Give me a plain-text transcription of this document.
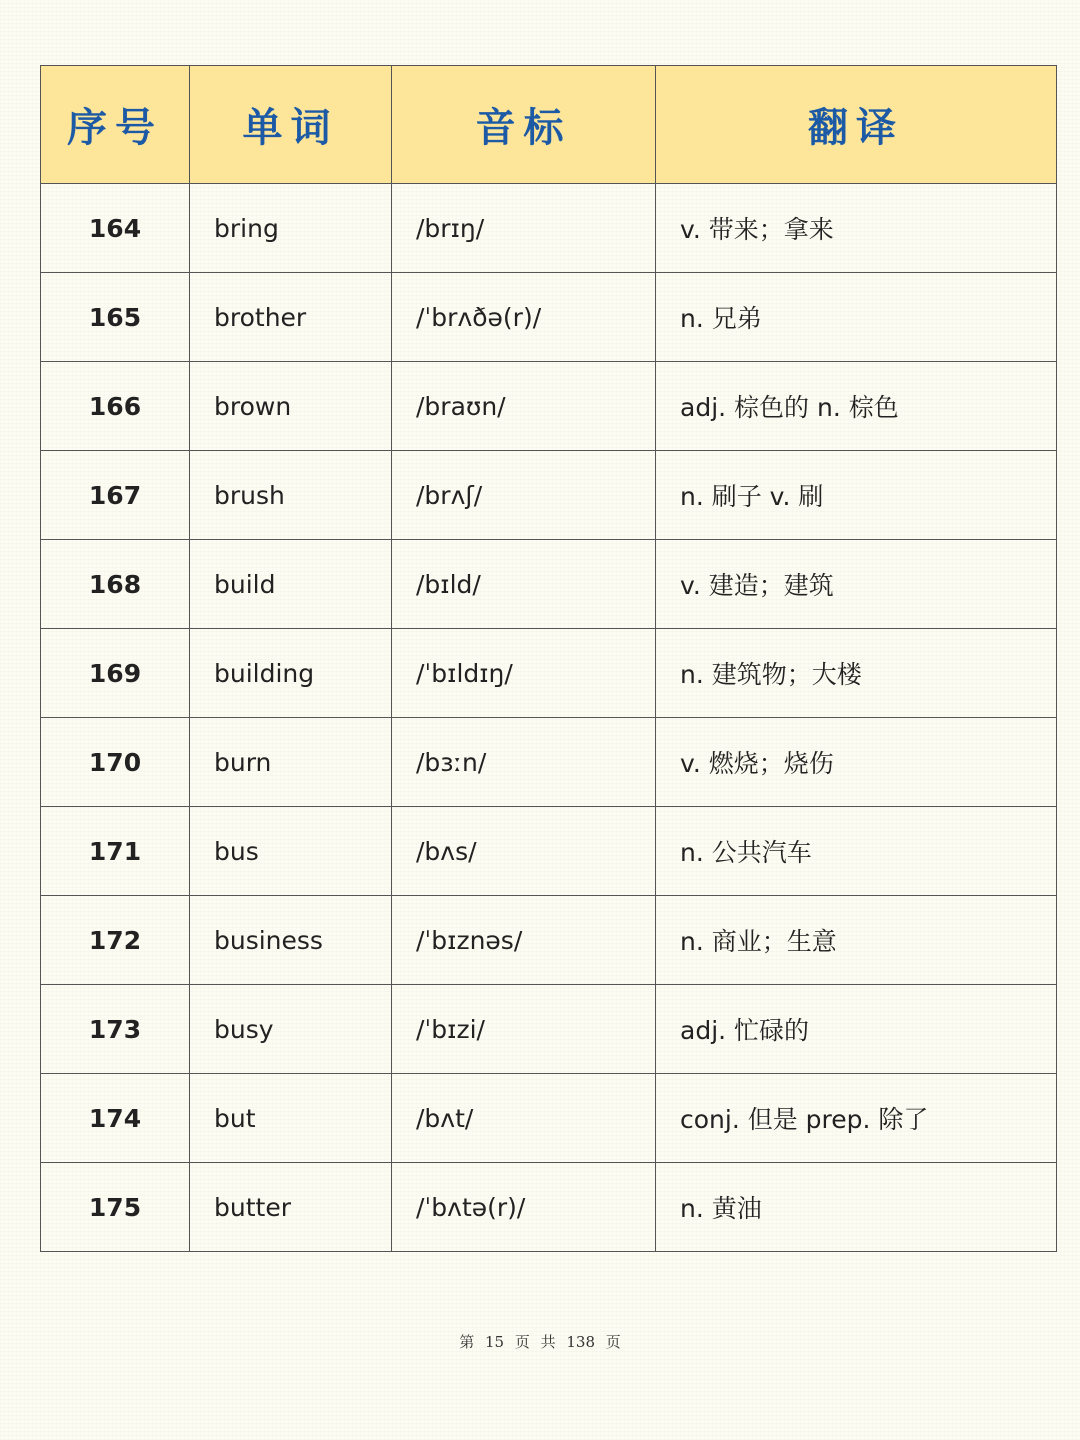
序号	单词	音标	翻译
164	bring	/brɪŋ/	v. 带来；拿来
165	brother	/ˈbrʌðə(r)/	n. 兄弟
166	brown	/braʊn/	adj. 棕色的 n. 棕色
167	brush	/brʌʃ/	n. 刷子 v. 刷
168	build	/bɪld/	v. 建造；建筑
169	building	/ˈbɪldɪŋ/	n. 建筑物；大楼
170	burn	/bɜːn/	v. 燃烧；烧伤
171	bus	/bʌs/	n. 公共汽车
172	business	/ˈbɪznəs/	n. 商业；生意
173	busy	/ˈbɪzi/	adj. 忙碌的
174	but	/bʌt/	conj. 但是 prep. 除了
175	butter	/ˈbʌtə(r)/	n. 黄油
第 15 页 共 138 页
